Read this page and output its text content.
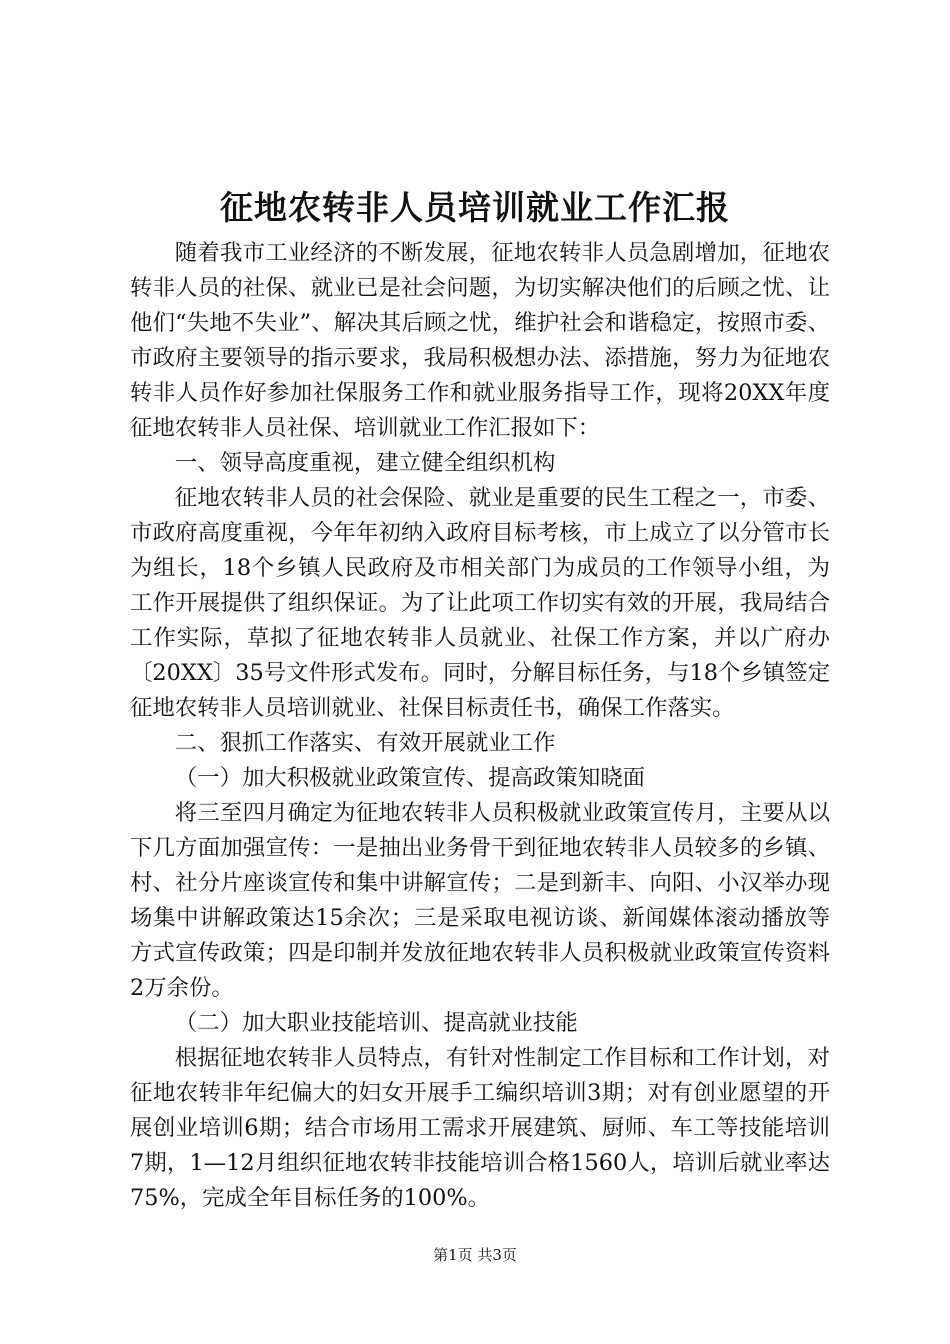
征地农转非人员培训就业工作汇报

随着我市工业经济的不断发展，征地农转非人员急剧增加，征地农转非人员的社保、就业已是社会问题，为切实解决他们的后顾之忧、让他们“失地不失业”、解决其后顾之忧，维护社会和谐稳定，按照市委、市政府主要领导的指示要求，我局积极想办法、添措施，努力为征地农转非人员作好参加社保服务工作和就业服务指导工作，现将20XX年度征地农转非人员社保、培训就业工作汇报如下：

一、领导高度重视，建立健全组织机构

征地农转非人员的社会保险、就业是重要的民生工程之一，市委、市政府高度重视，今年年初纳入政府目标考核，市上成立了以分管市长为组长，18个乡镇人民政府及市相关部门为成员的工作领导小组，为工作开展提供了组织保证。为了让此项工作切实有效的开展，我局结合工作实际，草拟了征地农转非人员就业、社保工作方案，并以广府办〔20XX〕35号文件形式发布。同时，分解目标任务，与18个乡镇签定征地农转非人员培训就业、社保目标责任书，确保工作落实。

二、狠抓工作落实、有效开展就业工作

（一）加大积极就业政策宣传、提高政策知晓面

将三至四月确定为征地农转非人员积极就业政策宣传月，主要从以下几方面加强宣传：一是抽出业务骨干到征地农转非人员较多的乡镇、村、社分片座谈宣传和集中讲解宣传；二是到新丰、向阳、小汉举办现场集中讲解政策达15余次；三是采取电视访谈、新闻媒体滚动播放等方式宣传政策；四是印制并发放征地农转非人员积极就业政策宣传资料2万余份。

（二）加大职业技能培训、提高就业技能

根据征地农转非人员特点，有针对性制定工作目标和工作计划，对征地农转非年纪偏大的妇女开展手工编织培训3期；对有创业愿望的开展创业培训6期；结合市场用工需求开展建筑、厨师、车工等技能培训7期，1—12月组织征地农转非技能培训合格1560人，培训后就业率达75%，完成全年目标任务的100%。

第1页 共3页
